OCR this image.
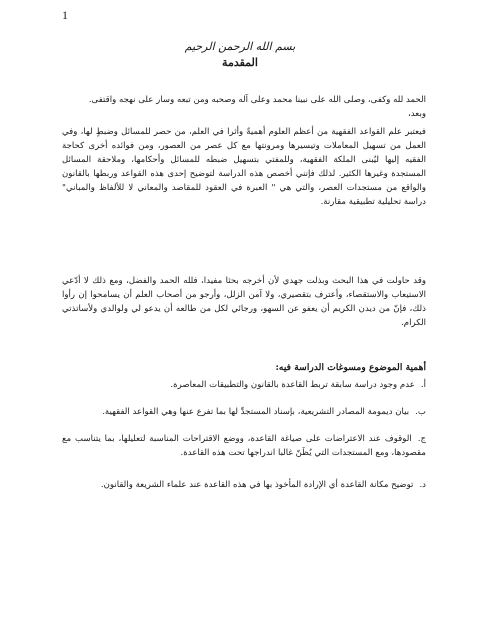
1
بسم الله الرحمن الرحيم
المقدمة

الحمد لله وكفى، وصلى الله على نبينا محمد وعلى آله وصحبه ومن تبعه وسار على نهجه واقتفى.

وبعد،

فيعتبر علم القواعد الفقهية من أعظم العلوم أهميةً وأثرا في العلم، من حصر للمسائل وضبطٍ لها، وفي العمل من تسهيل المعاملات وتيسيرها ومرونتها مع كل عصر من العصور، ومن فوائده أخرى كحاجة الفقيه إليها ليُبنى الملكة الفقهية، وللمفتي بتسهيل ضبطه للمسائل وأحكامها، وملاحقة المسائل المستجدة وغيرها الكثير. لذلك فإنني أخصص هذه الدراسة لتوضيح إحدى هذه القواعد وربطها بالقانون والواقع من مستجدات العصر، والتي هي " العبرة في العقود للمقاصد والمعاني لا للألفاظ والمباني" دراسة تحليلية تطبيقية مقارنة.

وقد حاولت في هذا البحث وبذلت جهدي لأن أخرجه بحثا مفيدا، فلله الحمد والفضل، ومع ذلك لا أدّعي الاستيعاب والاستقصاء، وأعترف بتقصيري، ولا آمن الزلل، وأرجو من أصحاب العلم أن يسامحوا إن رأوا ذلك، فإنّ من ديدن الكريم أن يعفو عن السهو، ورجائي لكل من طالعه أن يدعو لي ولوالدي ولأساتذتي الكرام.

أهمية الموضوع ومسوغات الدراسة فيه:
أ.عدم وجود دراسة سابقة تربط القاعدة بالقانون والتطبيقات المعاصرة.
ب.بيان ديمومة المصادر التشريعية، بإسناد المستجدِّ لها بما تفرع عنها وهي القواعد الفقهية.
ج.الوقوف عند الاعتراضات على صياغة القاعدة، ووضع الاقتراحات المناسبة لتعليلها، بما يتناسب مع مقصودها، ومع المستجدات التي يُظَنّ غالبا اندراجها تحت هذه القاعدة.
د.توضيح مكانة القاعدة أي الإرادة المأخوذ بها في هذه القاعدة عند علماء الشريعة والقانون.
